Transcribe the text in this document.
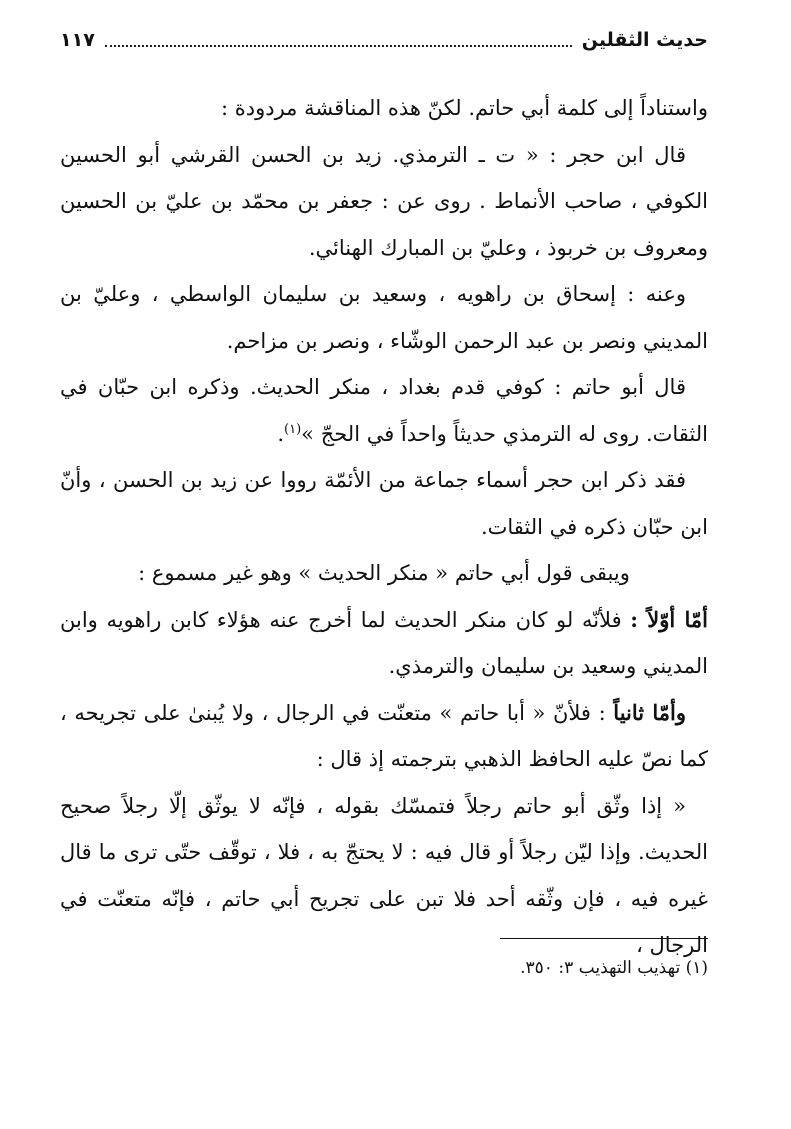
حديث الثقلين
١١٧

واستناداً إلى كلمة أبي حاتم. لكنّ هذه المناقشة مردودة :

قال ابن حجر : « ت ـ الترمذي. زيد بن الحسن القرشي أبو الحسين الكوفي ، صاحب الأنماط . روى عن : جعفر بن محمّد بن عليّ بن الحسين ومعروف بن خربوذ ، وعليّ بن المبارك الهنائي.

وعنه : إسحاق بن راهويه ، وسعيد بن سليمان الواسطي ، وعليّ بن المديني ونصر بن عبد الرحمن الوشّاء ، ونصر بن مزاحم.

قال أبو حاتم : كوفي قدم بغداد ، منكر الحديث. وذكره ابن حبّان في الثقات. روى له الترمذي حديثاً واحداً في الحجّ »$^{(١)}$.

فقد ذكر ابن حجر أسماء جماعة من الأئمّة رووا عن زيد بن الحسن ، وأنّ ابن حبّان ذكره في الثقات.

ويبقى قول أبي حاتم « منكر الحديث » وهو غير مسموع :

أمّا أوّلاً : فلأنّه لو كان منكر الحديث لما أخرج عنه هؤلاء كابن راهويه وابن المديني وسعيد بن سليمان والترمذي.

وأمّا ثانياً : فلأنّ « أبا حاتم » متعنّت في الرجال ، ولا يُبنىٰ على تجريحه ، كما نصّ عليه الحافظ الذهبي بترجمته إذ قال :

« إذا وثّق أبو حاتم رجلاً فتمسّك بقوله ، فإنّه لا يوثّق إلّا رجلاً صحيح الحديث. وإذا ليّن رجلاً أو قال فيه : لا يحتجّ به ، فلا ، توقّف حتّى ترى ما قال غيره فيه ، فإن وثّقه أحد فلا تبن على تجريح أبي حاتم ، فإنّه متعنّت في الرجال ،

(١) تهذيب التهذيب ٣: ٣٥٠.
